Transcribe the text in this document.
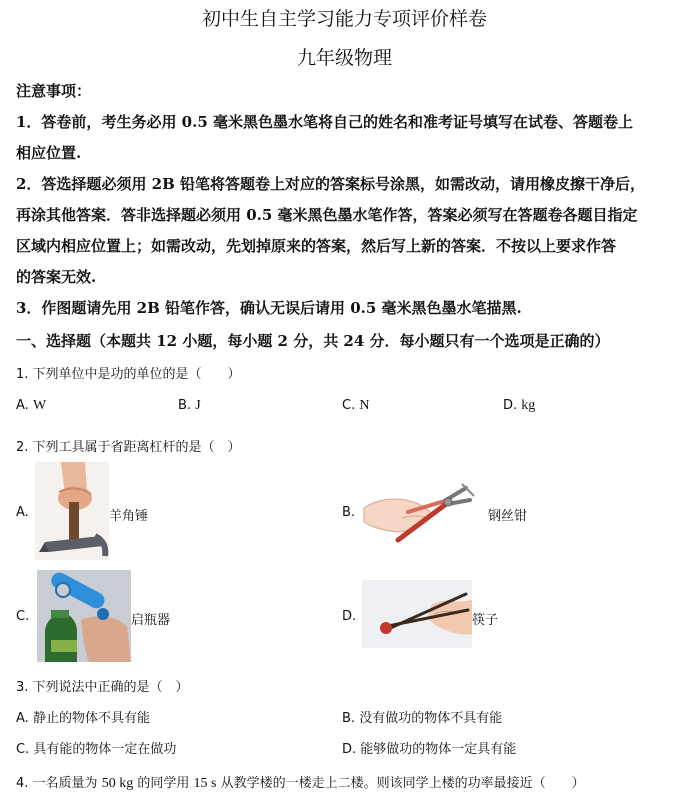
初中生自主学习能力专项评价样卷
九年级物理
注意事项：
1．答卷前，考生务必用 0.5 毫米黑色墨水笔将自己的姓名和准考证号填写在试卷、答题卷上
相应位置.
2．答选择题必须用 2B 铅笔将答题卷上对应的答案标号涂黑，如需改动，请用橡皮擦干净后，
再涂其他答案．答非选择题必须用 0.5 毫米黑色墨水笔作答，答案必须写在答题卷各题目指定
区域内相应位置上；如需改动，先划掉原来的答案，然后写上新的答案．不按以上要求作答
的答案无效.
3．作图题请先用 2B 铅笔作答，确认无误后请用 0.5 毫米黑色墨水笔描黑.
一、选择题（本题共 12 小题，每小题 2 分，共 24 分．每小题只有一个选项是正确的）
1. 下列单位中是功的单位的是（　　）
A. W	B. J	C. N	D. kg
2. 下列工具属于省距离杠杆的是（　）
A.	羊角锤	B.	钢丝钳
C.	启瓶器	D.	筷子
3. 下列说法中正确的是（　）
A. 静止的物体不具有能	B. 没有做功的物体不具有能
C. 具有能的物体一定在做功	D. 能够做功的物体一定具有能
4. 一名质量为 50 kg 的同学用 15 s 从教学楼的一楼走上二楼。则该同学上楼的功率最接近（　　）
